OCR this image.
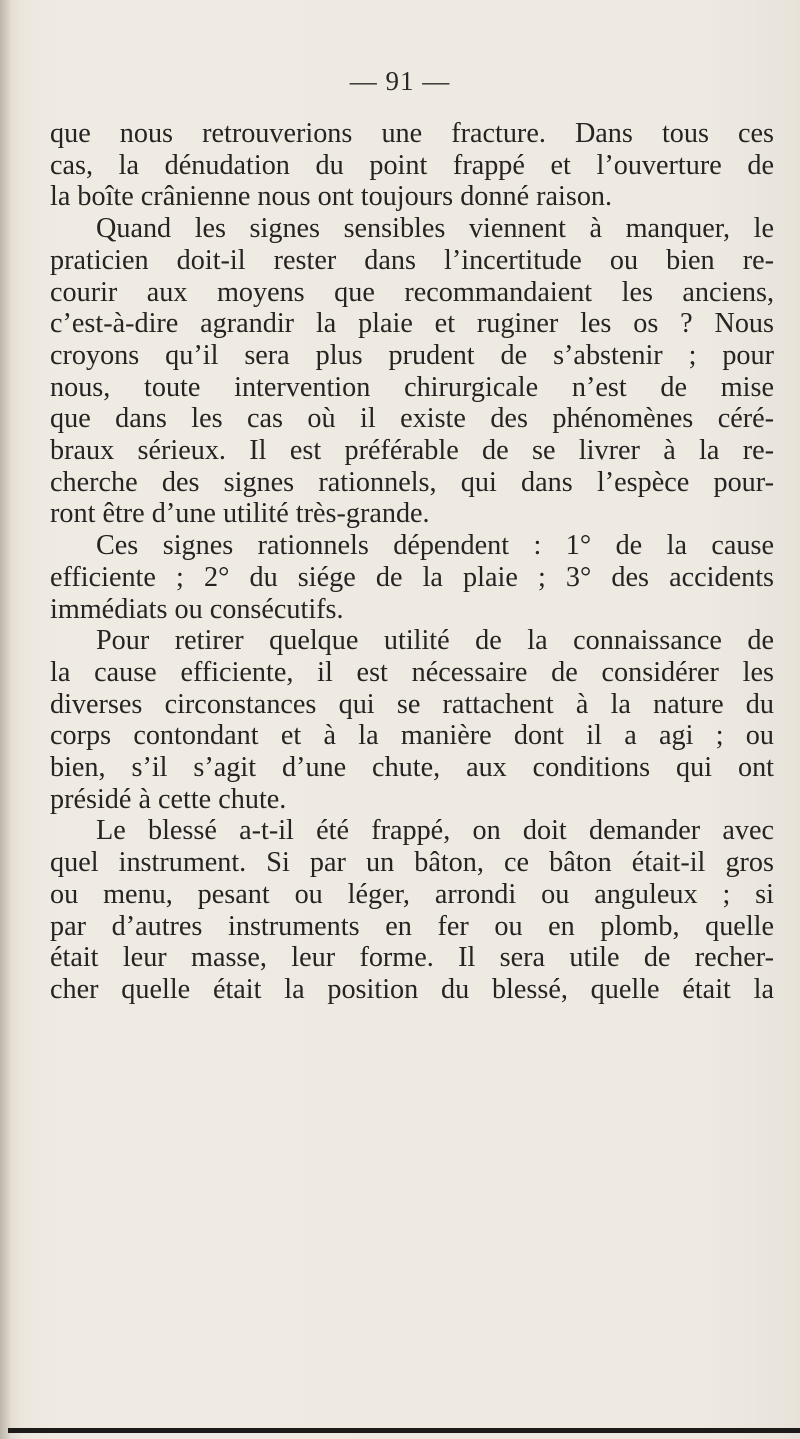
— 91 —

que nous retrouverions une fracture. Dans tous ces
cas, la dénudation du point frappé et l’ouverture de
la boîte crânienne nous ont toujours donné raison.

Quand les signes sensibles viennent à manquer, le
praticien doit-il rester dans l’incertitude ou bien re-
courir aux moyens que recommandaient les anciens,
c’est-à-dire agrandir la plaie et ruginer les os ? Nous
croyons qu’il sera plus prudent de s’abstenir ; pour
nous, toute intervention chirurgicale n’est de mise
que dans les cas où il existe des phénomènes céré-
braux sérieux. Il est préférable de se livrer à la re-
cherche des signes rationnels, qui dans l’espèce pour-
ront être d’une utilité très-grande.

Ces signes rationnels dépendent : 1° de la cause
efficiente ; 2° du siége de la plaie ; 3° des accidents
immédiats ou consécutifs.

Pour retirer quelque utilité de la connaissance de
la cause efficiente, il est nécessaire de considérer les
diverses circonstances qui se rattachent à la nature du
corps contondant et à la manière dont il a agi ; ou
bien, s’il s’agit d’une chute, aux conditions qui ont
présidé à cette chute.

Le blessé a-t-il été frappé, on doit demander avec
quel instrument. Si par un bâton, ce bâton était-il gros
ou menu, pesant ou léger, arrondi ou anguleux ; si
par d’autres instruments en fer ou en plomb, quelle
était leur masse, leur forme. Il sera utile de recher-
cher quelle était la position du blessé, quelle était la
